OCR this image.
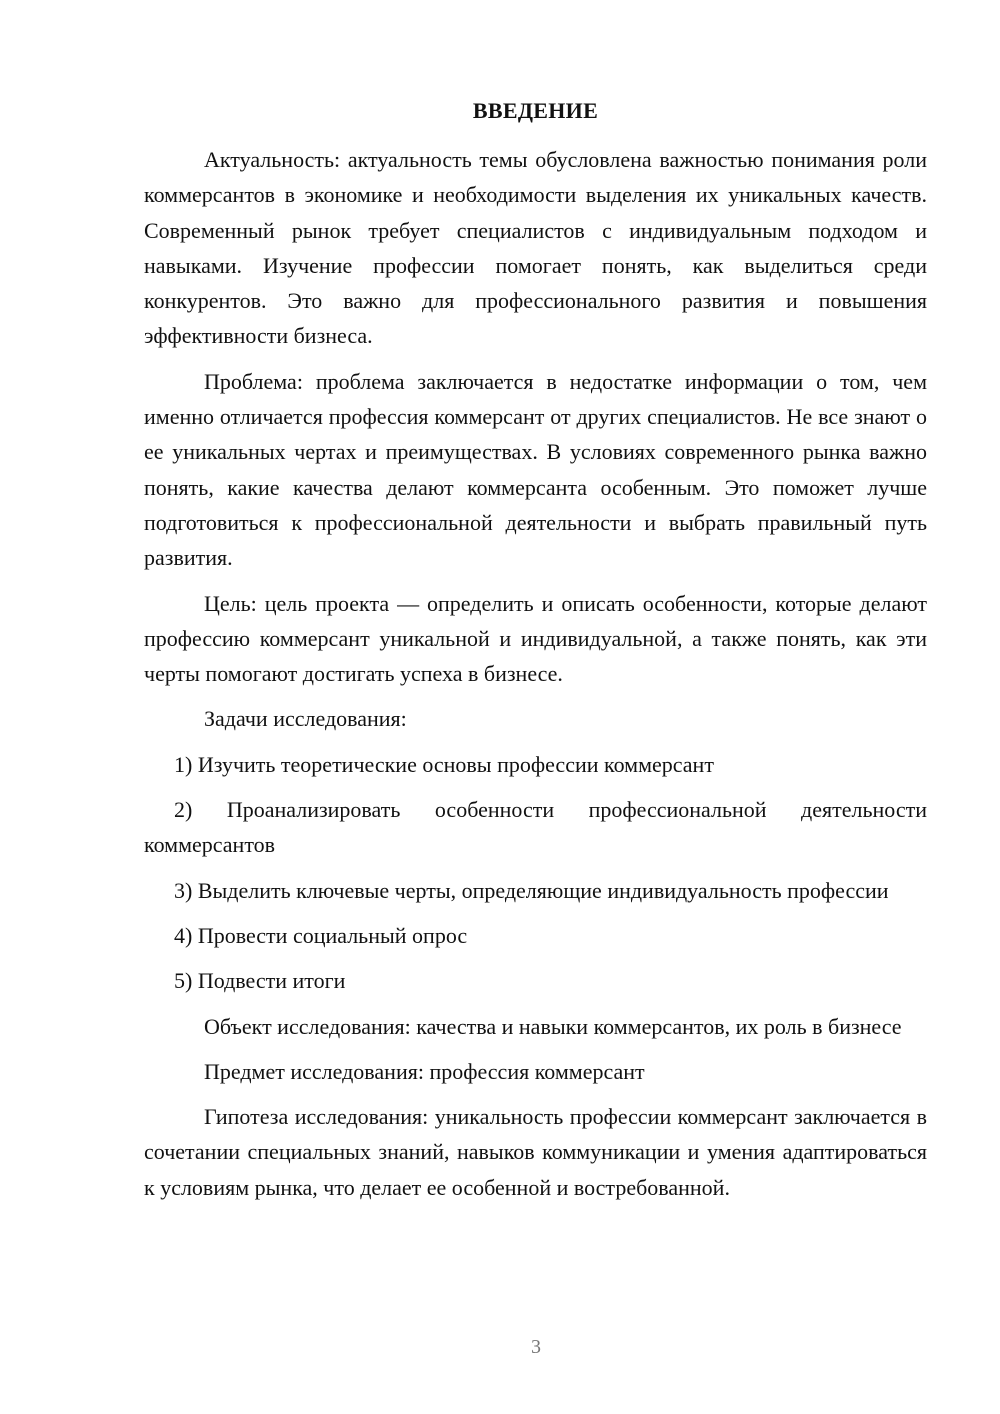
ВВЕДЕНИЕ

Актуальность: актуальность темы обусловлена важностью понимания роли коммерсантов в экономике и необходимости выделения их уникальных качеств. Современный рынок требует специалистов с индивидуальным подходом и навыками. Изучение профессии помогает понять, как выделиться среди конкурентов. Это важно для профессионального развития и повышения эффективности бизнеса.

Проблема: проблема заключается в недостатке информации о том, чем именно отличается профессия коммерсант от других специалистов. Не все знают о ее уникальных чертах и преимуществах. В условиях современного рынка важно понять, какие качества делают коммерсанта особенным. Это поможет лучше подготовиться к профессиональной деятельности и выбрать правильный путь развития.

Цель: цель проекта — определить и описать особенности, которые делают профессию коммерсант уникальной и индивидуальной, а также понять, как эти черты помогают достигать успеха в бизнесе.

Задачи исследования:

1) Изучить теоретические основы профессии коммерсант

2) Проанализировать особенности профессиональной деятельности коммерсантов

3) Выделить ключевые черты, определяющие индивидуальность профессии

4) Провести социальный опрос

5) Подвести итоги

Объект исследования: качества и навыки коммерсантов, их роль в бизнесе

Предмет исследования: профессия коммерсант

Гипотеза исследования: уникальность профессии коммерсант заключается в сочетании специальных знаний, навыков коммуникации и умения адаптироваться к условиям рынка, что делает ее особенной и востребованной.

3
